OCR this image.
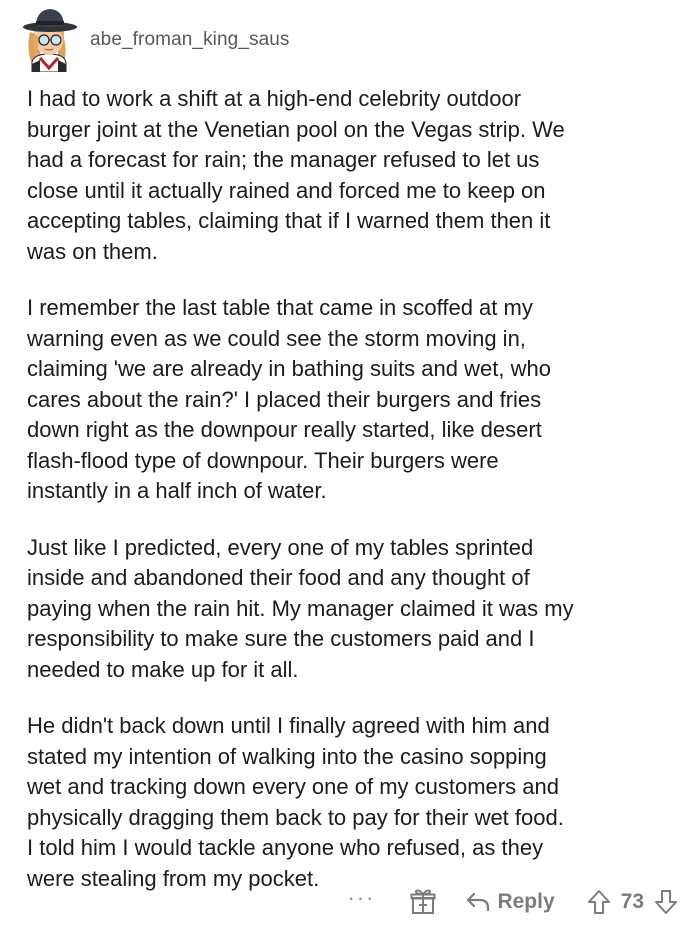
abe_froman_king_saus

I had to work a shift at a high-end celebrity outdoor
burger joint at the Venetian pool on the Vegas strip. We
had a forecast for rain; the manager refused to let us
close until it actually rained and forced me to keep on
accepting tables, claiming that if I warned them then it
was on them.

I remember the last table that came in scoffed at my
warning even as we could see the storm moving in,
claiming 'we are already in bathing suits and wet, who
cares about the rain?' I placed their burgers and fries
down right as the downpour really started, like desert
flash-flood type of downpour. Their burgers were
instantly in a half inch of water.

Just like I predicted, every one of my tables sprinted
inside and abandoned their food and any thought of
paying when the rain hit. My manager claimed it was my
responsibility to make sure the customers paid and I
needed to make up for it all.

He didn't back down until I finally agreed with him and
stated my intention of walking into the casino sopping
wet and tracking down every one of my customers and
physically dragging them back to pay for their wet food.
I told him I would tackle anyone who refused, as they
were stealing from my pocket.

···	Reply	73
